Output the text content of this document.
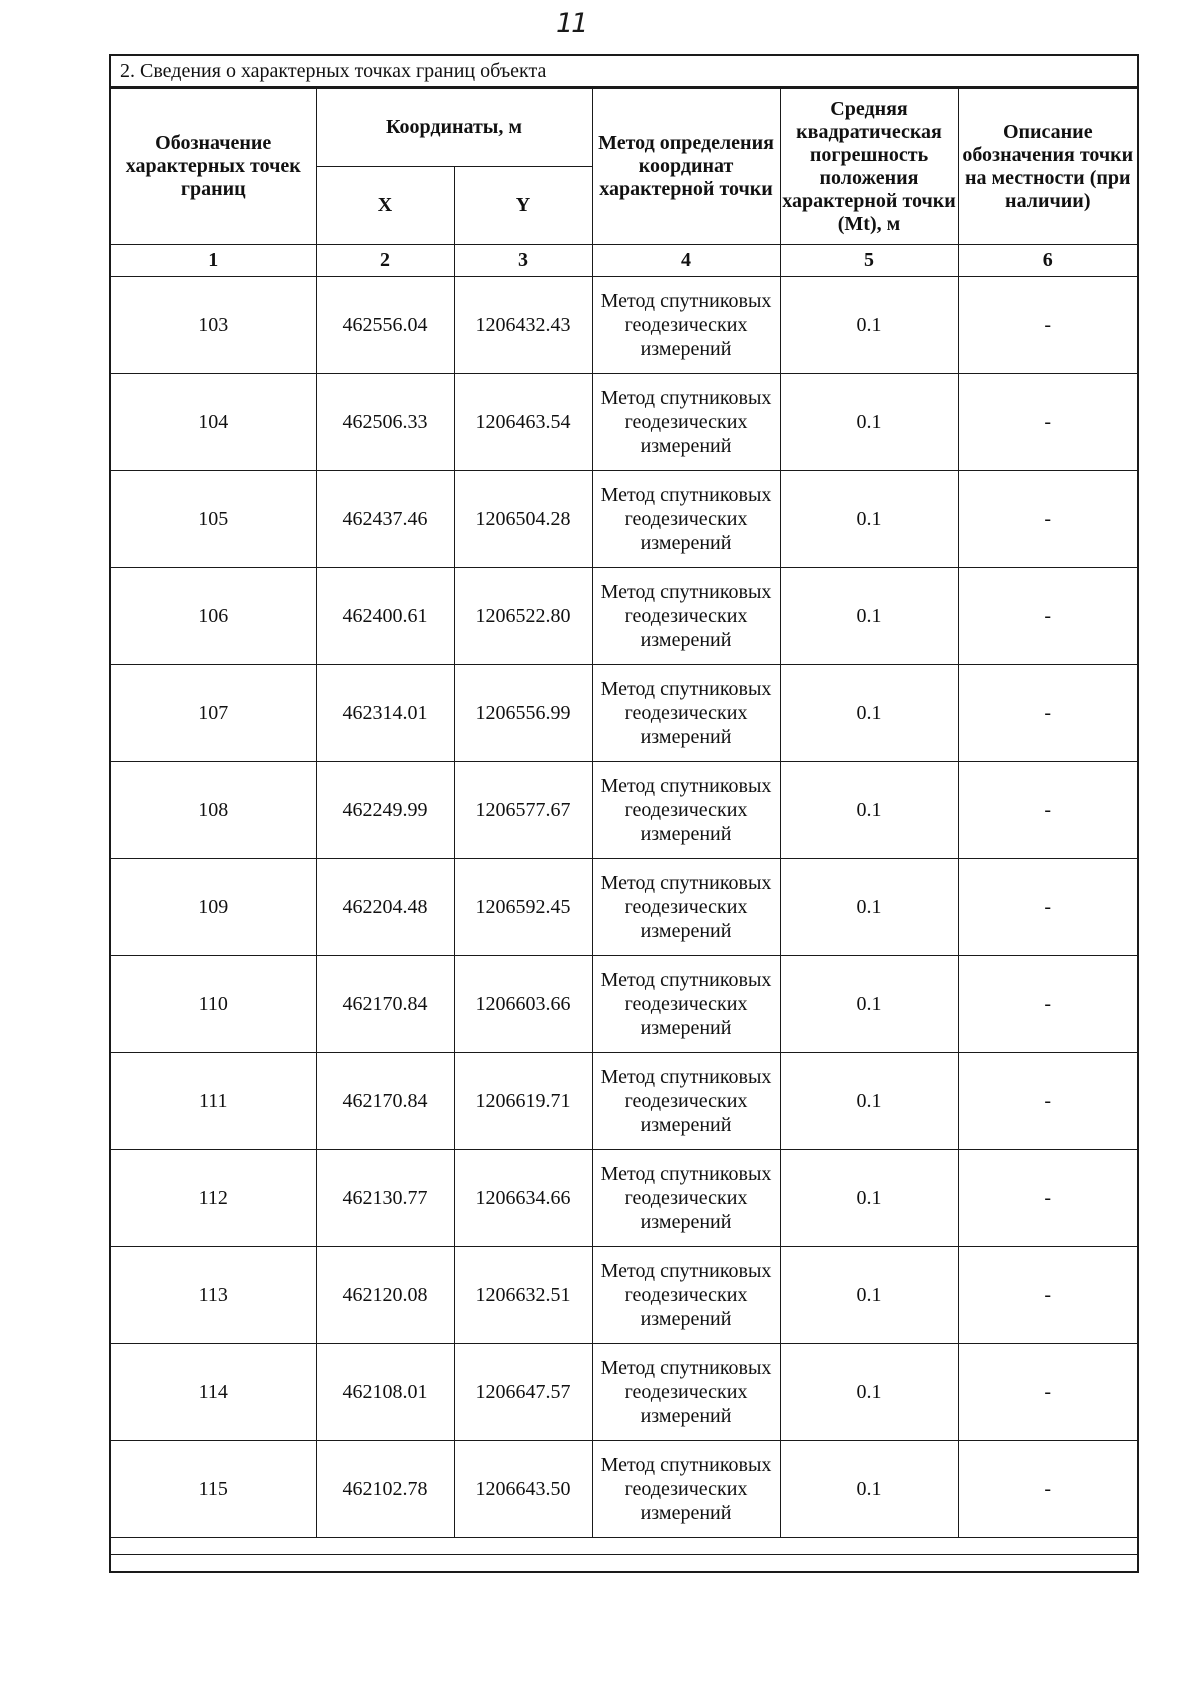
11
2. Сведения о характерных точках границ объекта
Обозначение характерных точек границ	Координаты, м		Метод определения координат характерной точки	Средняя квадратическая погрешность положения характерной точки (Mt), м	Описание обозначения точки на местности (при наличии)
	X	Y			
1	2	3	4	5	6
103	462556.04	1206432.43	Метод спутниковых геодезических измерений	0.1	-
104	462506.33	1206463.54	Метод спутниковых геодезических измерений	0.1	-
105	462437.46	1206504.28	Метод спутниковых геодезических измерений	0.1	-
106	462400.61	1206522.80	Метод спутниковых геодезических измерений	0.1	-
107	462314.01	1206556.99	Метод спутниковых геодезических измерений	0.1	-
108	462249.99	1206577.67	Метод спутниковых геодезических измерений	0.1	-
109	462204.48	1206592.45	Метод спутниковых геодезических измерений	0.1	-
110	462170.84	1206603.66	Метод спутниковых геодезических измерений	0.1	-
111	462170.84	1206619.71	Метод спутниковых геодезических измерений	0.1	-
112	462130.77	1206634.66	Метод спутниковых геодезических измерений	0.1	-
113	462120.08	1206632.51	Метод спутниковых геодезических измерений	0.1	-
114	462108.01	1206647.57	Метод спутниковых геодезических измерений	0.1	-
115	462102.78	1206643.50	Метод спутниковых геодезических измерений	0.1	-
